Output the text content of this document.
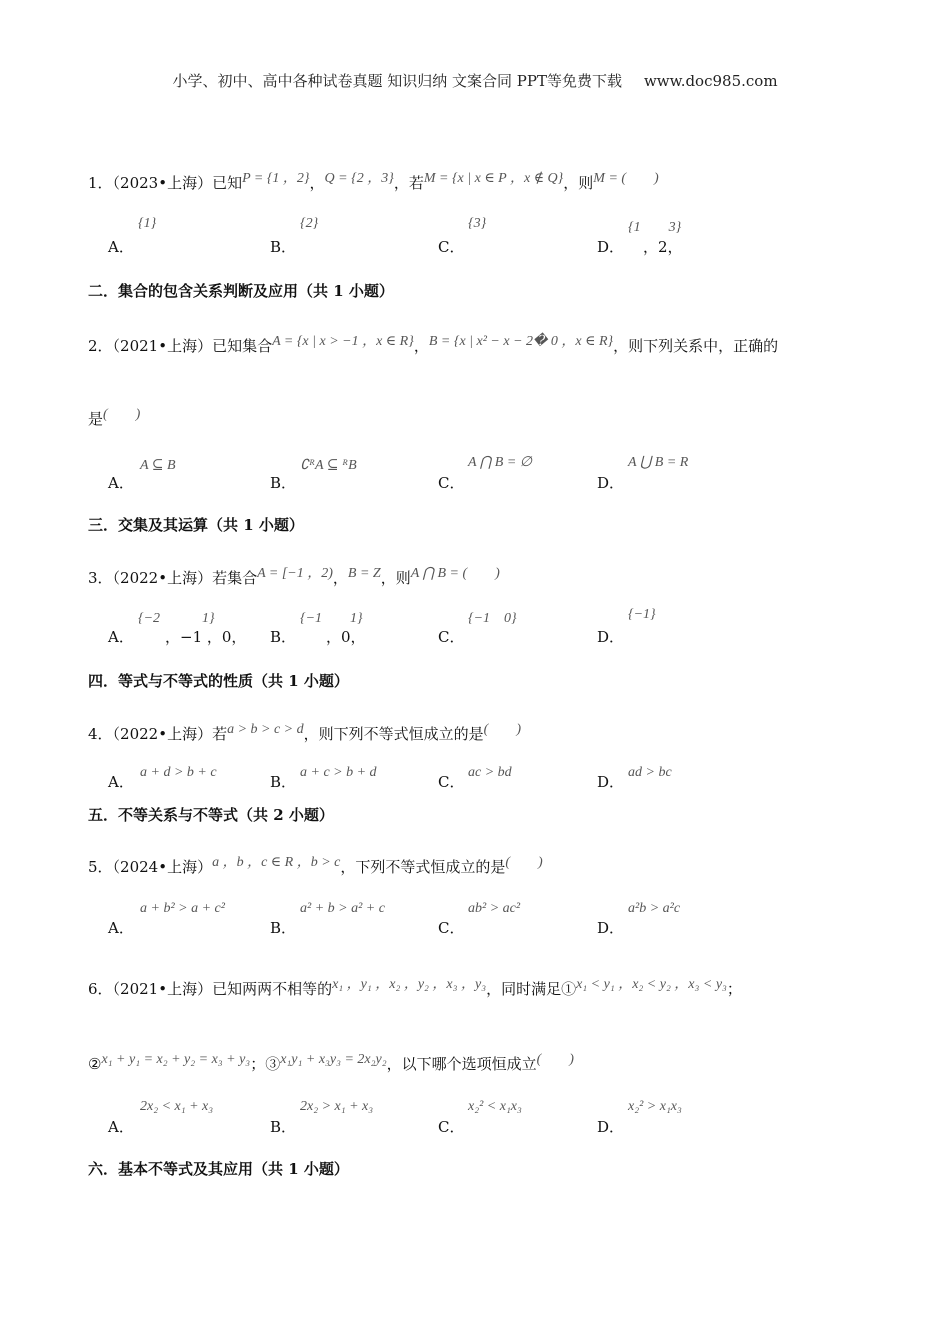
小学、初中、高中各种试卷真题 知识归纳 文案合同 PPT等免费下载 www.doc985.com
1．（2023•上海）已知P = {1 ，2}，Q = {2 ，3}，若M = {x | x ∈ P ，x ∉ Q}，则M = (　　)
{1}
A．
{2}
B．
{3}
C．
{1　　3}
D． ，2，
二．集合的包含关系判断及应用（共 1 小题）
2．（2021•上海）已知集合A = {x | x > −1 ，x ∈ R}，B = {x | x² − x − 2� 0 ，x ∈ R}，则下列关系中，正确的
是(　　)
A ⊆ B
A．
∁ᴿA ⊆ ᴿB
B．
A ⋂ B = ∅
C．
A ⋃ B = R
D．
三．交集及其运算（共 1 小题）
3．（2022•上海）若集合A = [−1 ，2)，B = Z，则A ⋂ B = (　　)
{−2　　　1}
A． ，−1 ，0，
{−1　　1}
B． ，0，
{−1　0}
C．
{−1}
D．
四．等式与不等式的性质（共 1 小题）
4．（2022•上海）若a > b > c > d，则下列不等式恒成立的是(　　)
a + d > b + c
A．
a + c > b + d
B．
ac > bd
C．
ad > bc
D．
五．不等关系与不等式（共 2 小题）
5．（2024•上海）a ，b ，c ∈ R ，b > c，下列不等式恒成立的是(　　)
a + b² > a + c²
A．
a² + b > a² + c
B．
ab² > ac²
C．
a²b > a²c
D．
6．（2021•上海）已知两两不相等的x₁ ，y₁ ，x₂ ，y₂ ，x₃ ，y₃，同时满足①x₁ < y₁ ，x₂ < y₂ ，x₃ < y₃；
②x₁ + y₁ = x₂ + y₂ = x₃ + y₃；③x₁y₁ + x₃y₃ = 2x₂y₂，以下哪个选项恒成立(　　)
2x₂ < x₁ + x₃
A．
2x₂ > x₁ + x₃
B．
x₂² < x₁x₃
C．
x₂² > x₁x₃
D．
六．基本不等式及其应用（共 1 小题）
